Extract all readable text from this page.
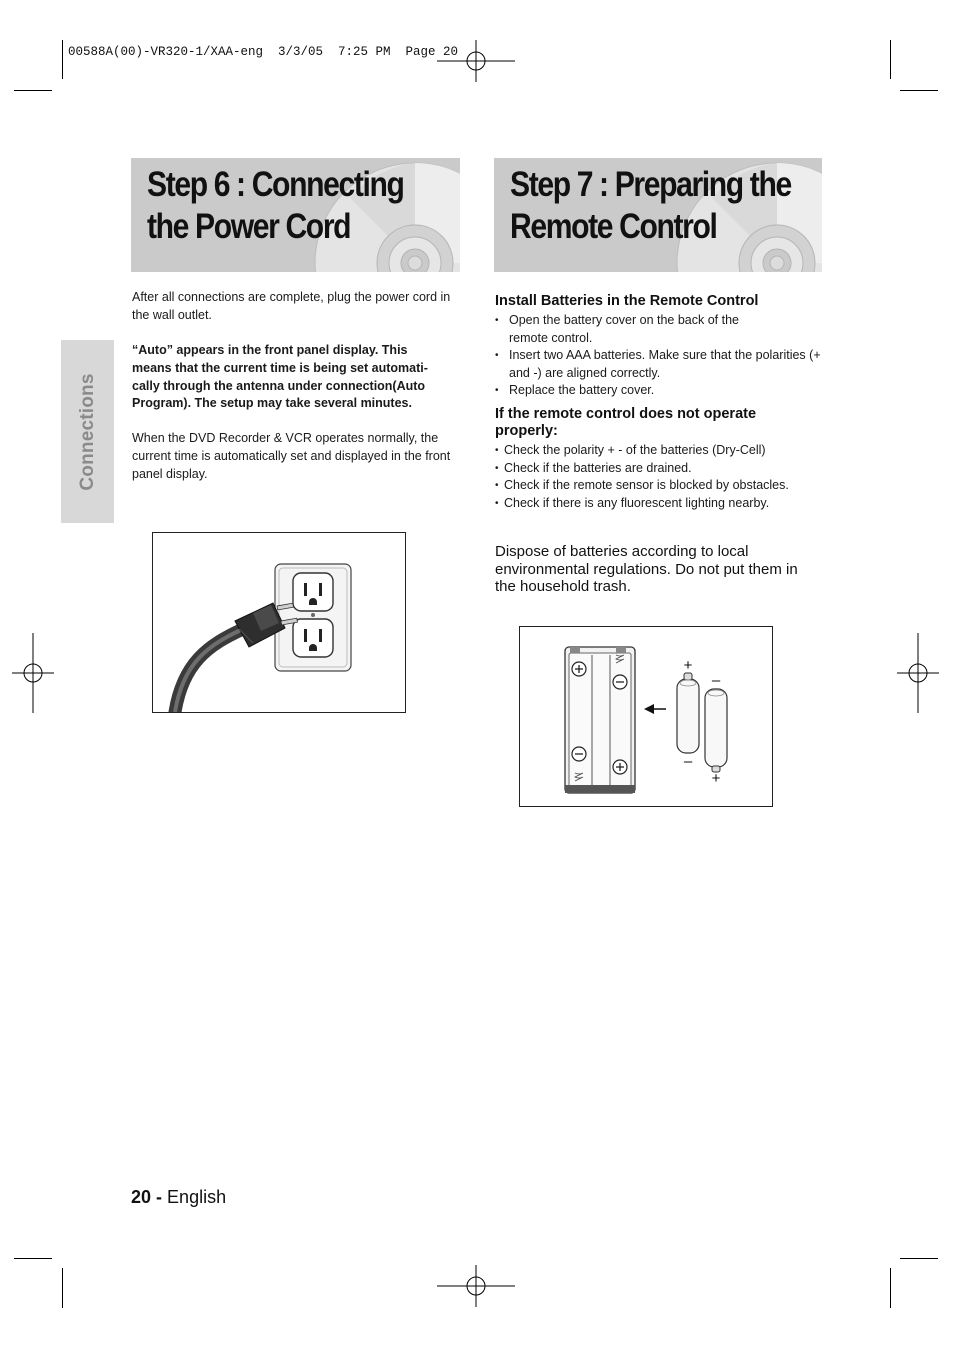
00588A(00)-VR320-1/XAA-eng  3/3/05  7:25 PM  Page 20
Connections
Step 6 : Connecting
the Power Cord
Step 7 : Preparing the
Remote Control
After all connections are complete, plug the power cord in the wall outlet.
“Auto” appears in the front panel display. This means that the current time is being set automati-cally through the antenna under connection(Auto Program). The setup may take several minutes.
When the DVD Recorder & VCR operates normally, the current time is automatically set and displayed in the front panel display.
Install Batteries in the Remote Control
• Open the battery cover on the back of the remote control.
• Insert two AAA batteries. Make sure that the polarities (+ and -) are aligned correctly.
• Replace the battery cover.
If the remote control does not operate properly:
• Check the polarity + - of the batteries (Dry-Cell)
• Check if the batteries are drained.
• Check if the remote sensor is blocked by obstacles.
• Check if there is any fluorescent lighting nearby.
Dispose of batteries according to local environmental regulations. Do not put them in the household trash.
+
–
–
+
20 - English
